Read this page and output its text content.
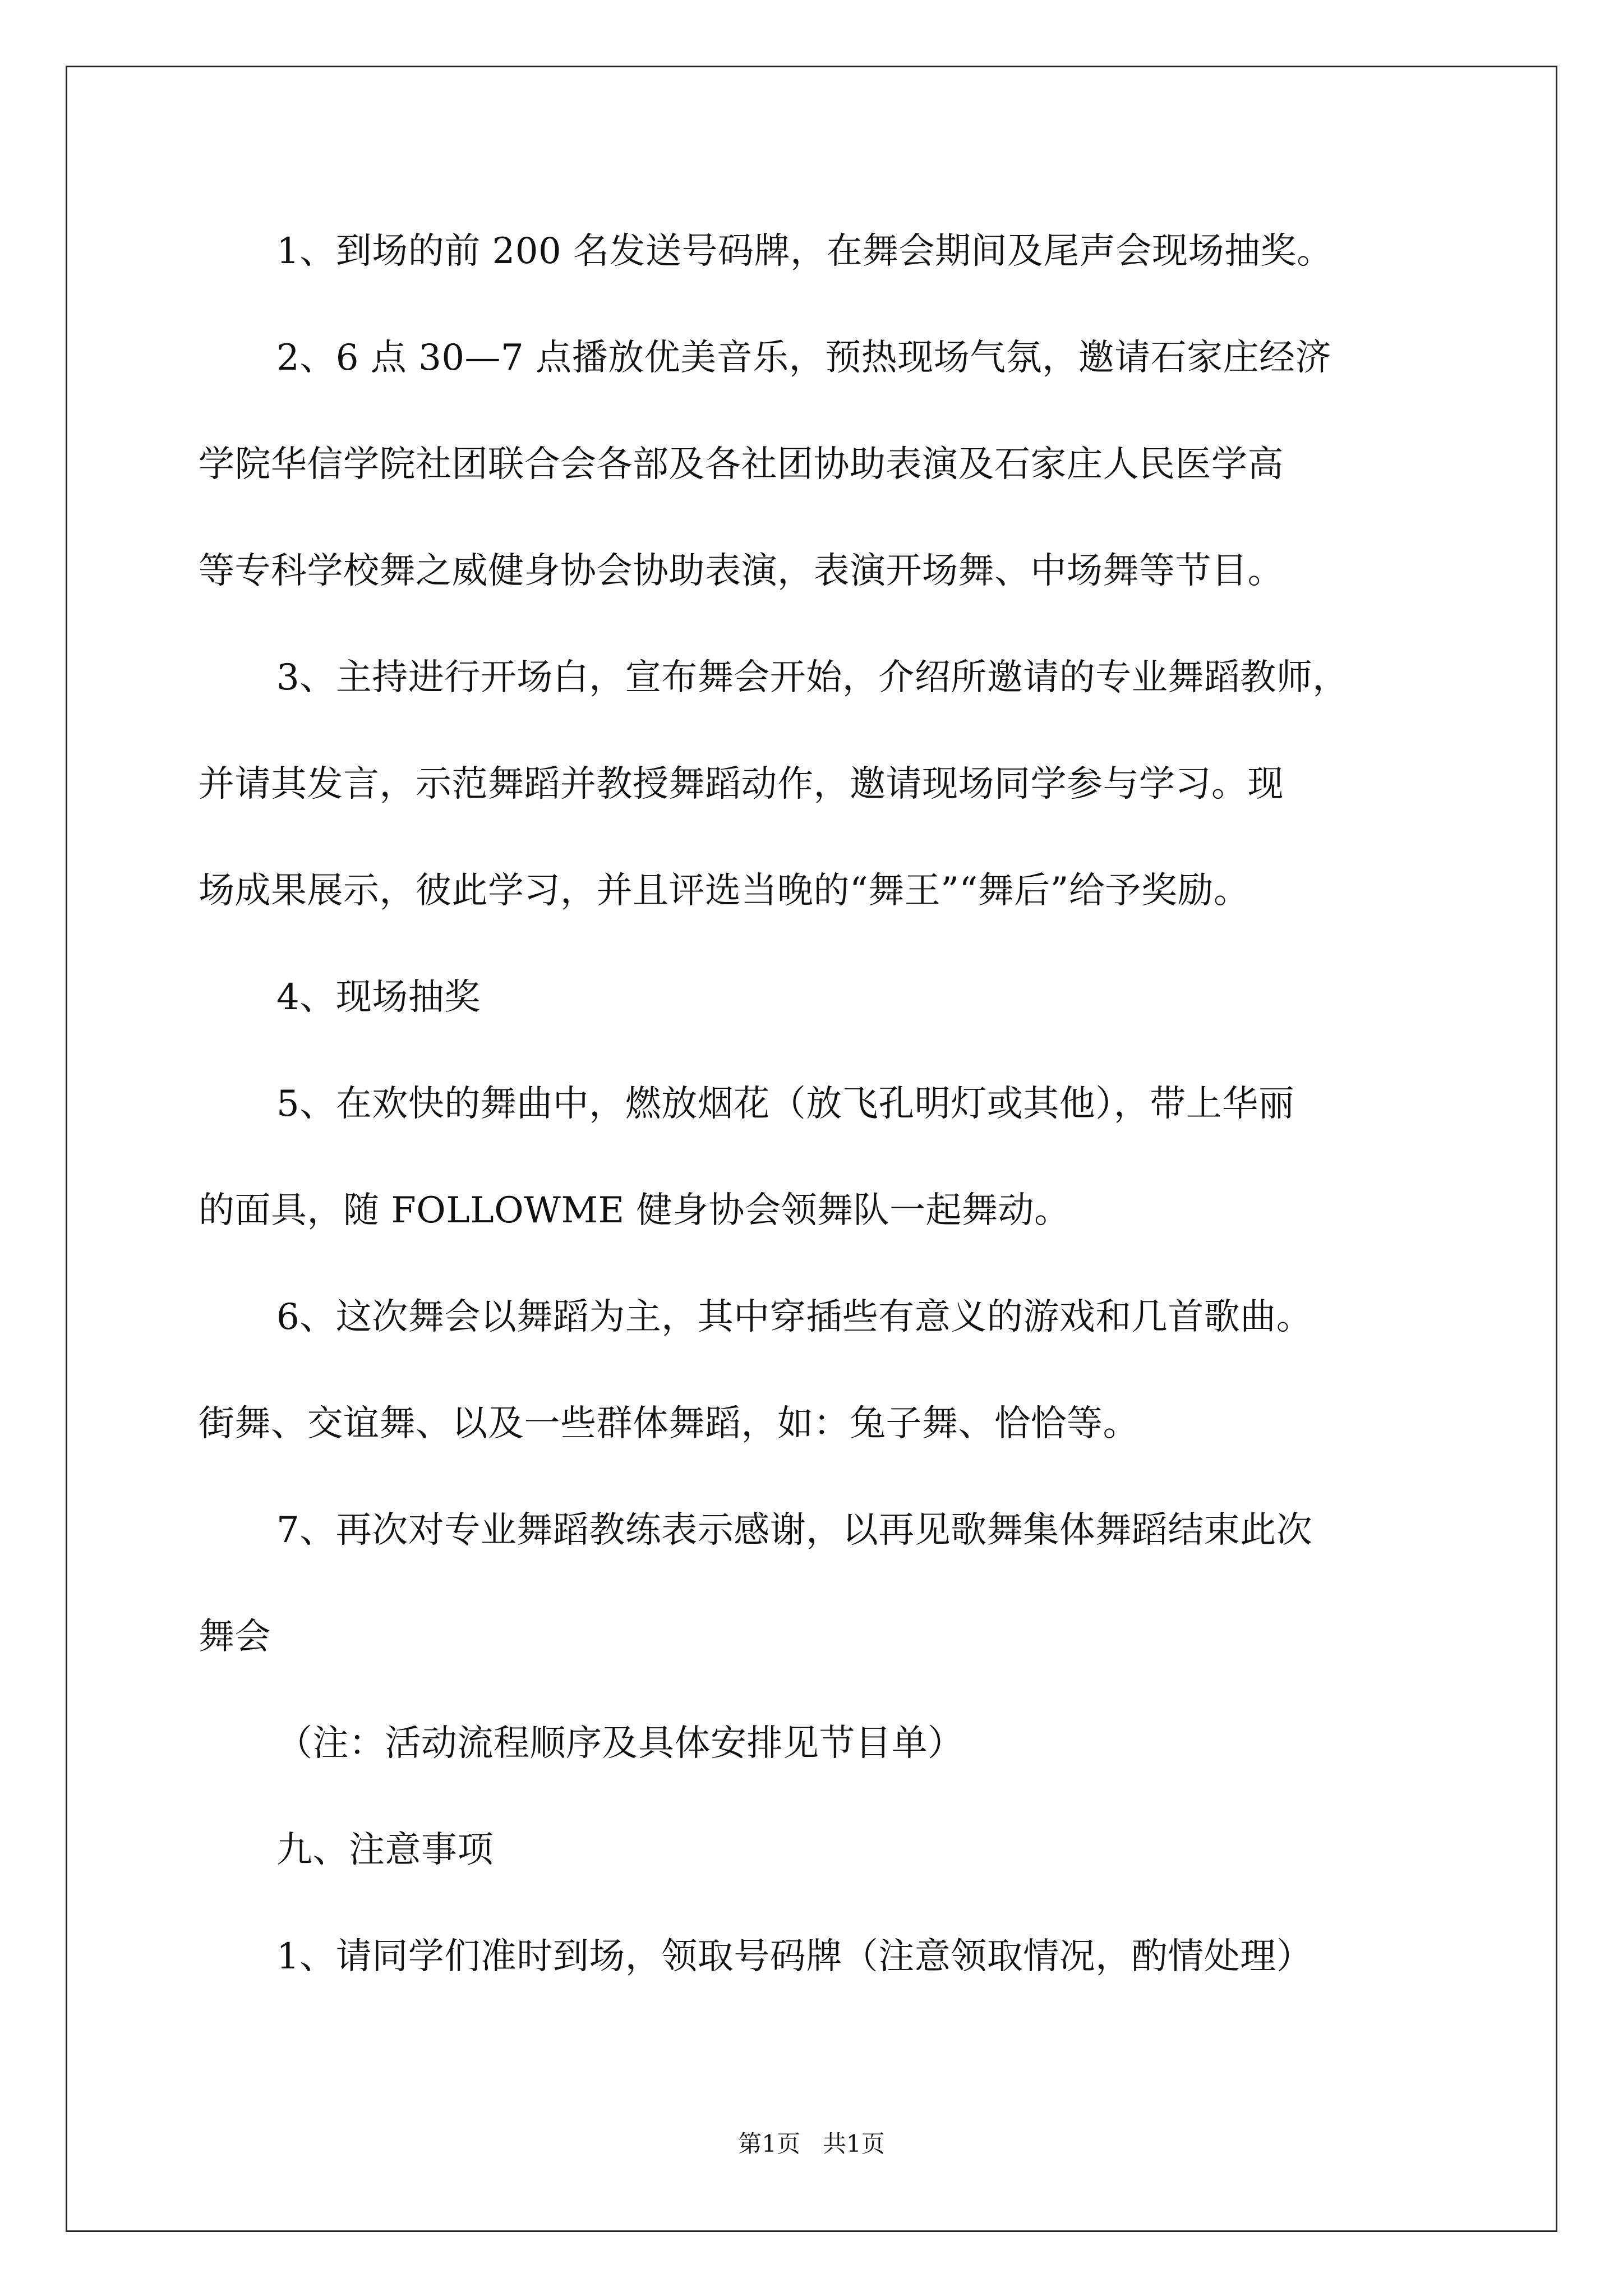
1、到场的前 200 名发送号码牌，在舞会期间及尾声会现场抽奖。
2、6 点 30—7 点播放优美音乐，预热现场气氛，邀请石家庄经济
学院华信学院社团联合会各部及各社团协助表演及石家庄人民医学高
等专科学校舞之威健身协会协助表演，表演开场舞、中场舞等节目。
3、主持进行开场白，宣布舞会开始，介绍所邀请的专业舞蹈教师，
并请其发言，示范舞蹈并教授舞蹈动作，邀请现场同学参与学习。现
场成果展示，彼此学习，并且评选当晚的“舞王”“舞后”给予奖励。
4、现场抽奖
5、在欢快的舞曲中，燃放烟花（放飞孔明灯或其他），带上华丽
的面具，随 FOLLOWME 健身协会领舞队一起舞动。
6、这次舞会以舞蹈为主，其中穿插些有意义的游戏和几首歌曲。
街舞、交谊舞、以及一些群体舞蹈，如：兔子舞、恰恰等。
7、再次对专业舞蹈教练表示感谢，以再见歌舞集体舞蹈结束此次
舞会
（注：活动流程顺序及具体安排见节目单）
九、注意事项
1、请同学们准时到场，领取号码牌（注意领取情况，酌情处理）
第1页   共1页
